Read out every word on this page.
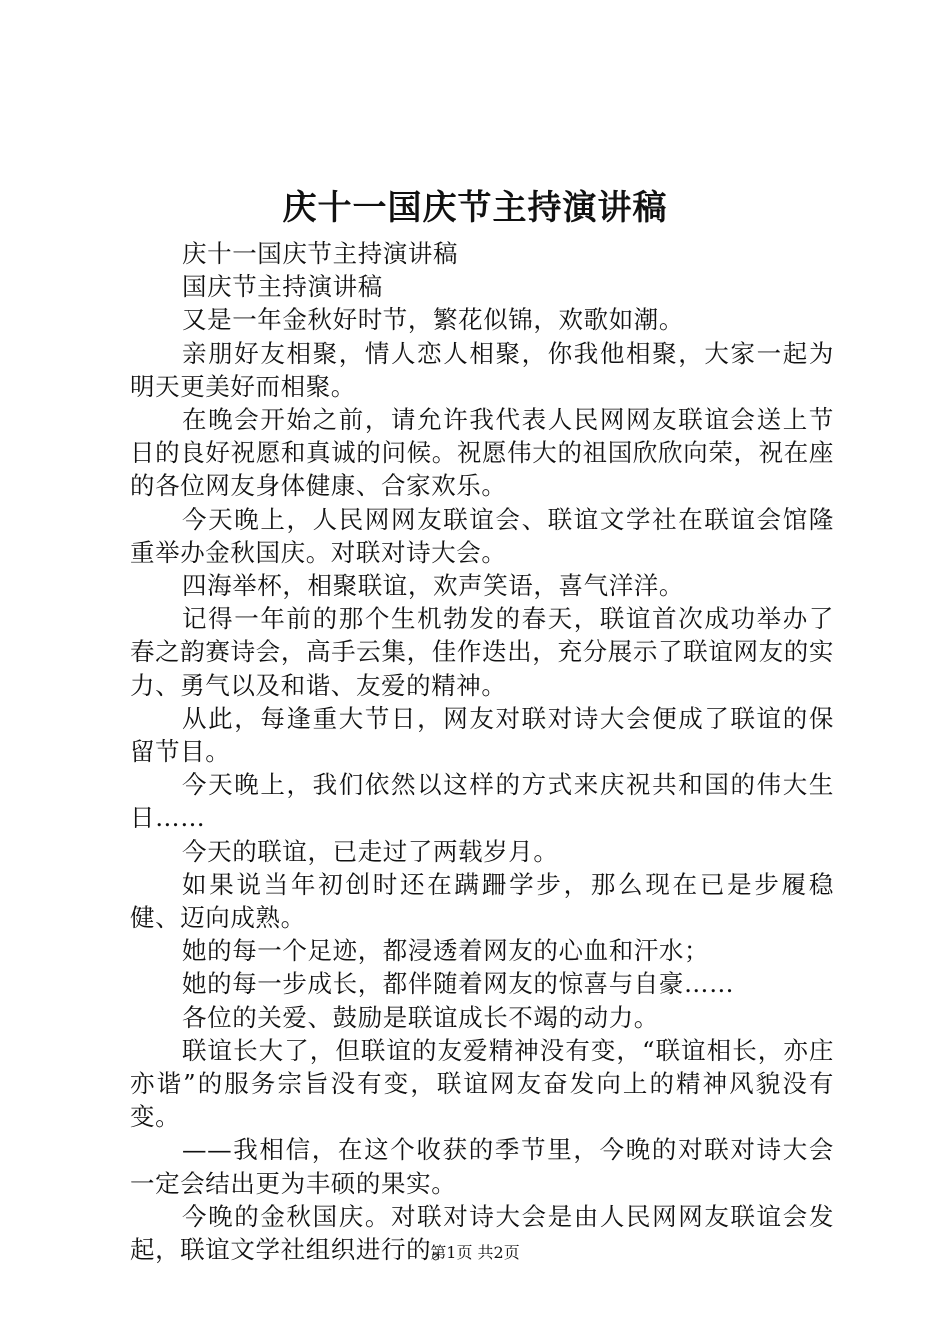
庆十一国庆节主持演讲稿

庆十一国庆节主持演讲稿

国庆节主持演讲稿

又是一年金秋好时节，繁花似锦，欢歌如潮。

亲朋好友相聚，情人恋人相聚，你我他相聚，大家一起为明天更美好而相聚。

在晚会开始之前，请允许我代表人民网网友联谊会送上节日的良好祝愿和真诚的问候。祝愿伟大的祖国欣欣向荣，祝在座的各位网友身体健康、合家欢乐。

今天晚上，人民网网友联谊会、联谊文学社在联谊会馆隆重举办金秋国庆。对联对诗大会。

四海举杯，相聚联谊，欢声笑语，喜气洋洋。

记得一年前的那个生机勃发的春天，联谊首次成功举办了春之韵赛诗会，高手云集，佳作迭出，充分展示了联谊网友的实力、勇气以及和谐、友爱的精神。

从此，每逢重大节日，网友对联对诗大会便成了联谊的保留节目。

今天晚上，我们依然以这样的方式来庆祝共和国的伟大生日……

今天的联谊，已走过了两载岁月。

如果说当年初创时还在蹒跚学步，那么现在已是步履稳健、迈向成熟。

她的每一个足迹，都浸透着网友的心血和汗水；

她的每一步成长，都伴随着网友的惊喜与自豪……

各位的关爱、鼓励是联谊成长不竭的动力。

联谊长大了，但联谊的友爱精神没有变，“联谊相长，亦庄亦谐”的服务宗旨没有变，联谊网友奋发向上的精神风貌没有变。

——我相信，在这个收获的季节里，今晚的对联对诗大会一定会结出更为丰硕的果实。

今晚的金秋国庆。对联对诗大会是由人民网网友联谊会发起，联谊文学社组织进行的。

第1页 共2页
